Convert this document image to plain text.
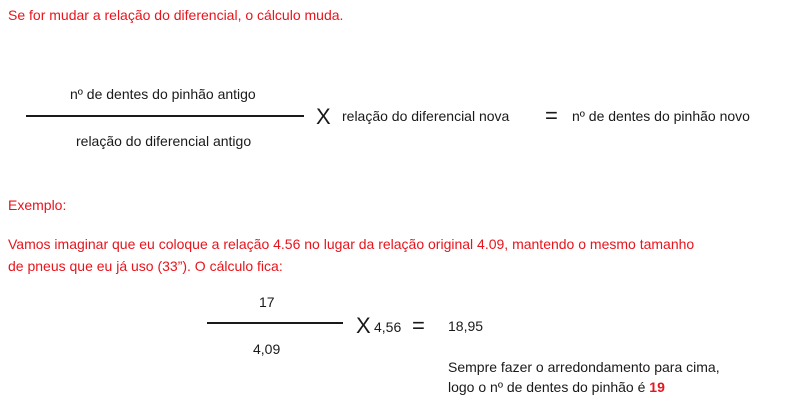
Se for mudar a relação do diferencial, o cálculo muda.
nº de dentes do pinhão antigo
relação do diferencial antigo
X relação do diferencial nova = nº de dentes do pinhão novo
Exemplo:
Vamos imaginar que eu coloque a relação 4.56 no lugar da relação original 4.09, mantendo o mesmo tamanho
de pneus que eu já uso (33”). O cálculo fica:
17
4,09
X 4,56 = 18,95
Sempre fazer o arredondamento para cima,
logo o nº de dentes do pinhão é 19
